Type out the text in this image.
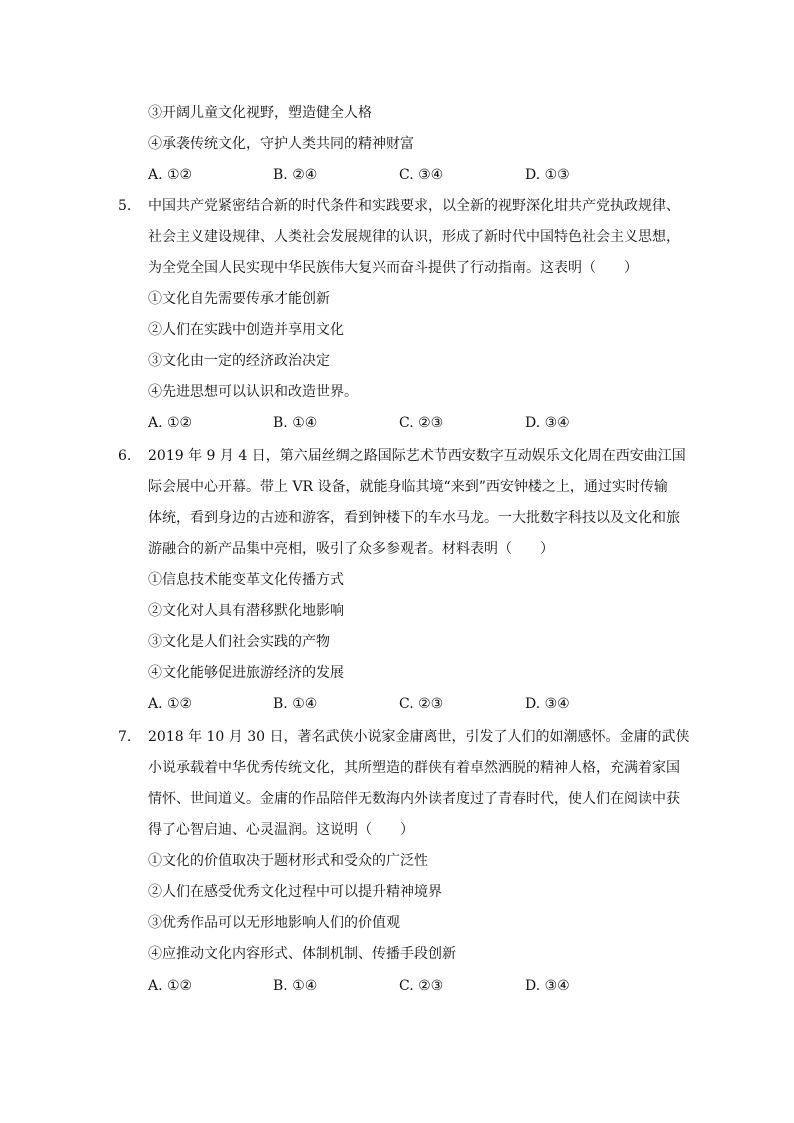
③开阔儿童文化视野，塑造健全人格
④承袭传统文化，守护人类共同的精神财富
A. ①②	B. ②④	C. ③④	D. ①③
5. 中国共产党紧密结合新的时代条件和实践要求，以全新的视野深化坩共产党执政规律、
社会主义建设规律、人类社会发展规律的认识，形成了新时代中国特色社会主义思想，
为全党全国人民实现中华民族伟大复兴而奋斗提供了行动指南。这表明（　　）
①文化自先需要传承才能创新
②人们在实践中创造并享用文化
③文化由一定的经济政治决定
④先进思想可以认识和改造世界。
A. ①②	B. ①④	C. ②③	D. ③④
6. 2019 年 9 月 4 日，第六届丝绸之路国际艺术节西安数字互动娱乐文化周在西安曲江国
际会展中心开幕。带上 VR 设备，就能身临其境“来到”西安钟楼之上，通过实时传输
体统，看到身边的古迹和游客，看到钟楼下的车水马龙。一大批数字科技以及文化和旅
游融合的新产品集中亮相，吸引了众多参观者。材料表明（　　）
①信息技术能变革文化传播方式
②文化对人具有潜移默化地影响
③文化是人们社会实践的产物
④文化能够促进旅游经济的发展
A. ①②	B. ①④	C. ②③	D. ③④
7. 2018 年 10 月 30 日，著名武侠小说家金庸离世，引发了人们的如潮感怀。金庸的武侠
小说承载着中华优秀传统文化，其所塑造的群侠有着卓然洒脱的精神人格，充满着家国
情怀、世间道义。金庸的作品陪伴无数海内外读者度过了青春时代，使人们在阅读中获
得了心智启迪、心灵温润。这说明（　　）
①文化的价值取决于题材形式和受众的广泛性
②人们在感受优秀文化过程中可以提升精神境界
③优秀作品可以无形地影响人们的价值观
④应推动文化内容形式、体制机制、传播手段创新
A. ①②	B. ①④	C. ②③	D. ③④
